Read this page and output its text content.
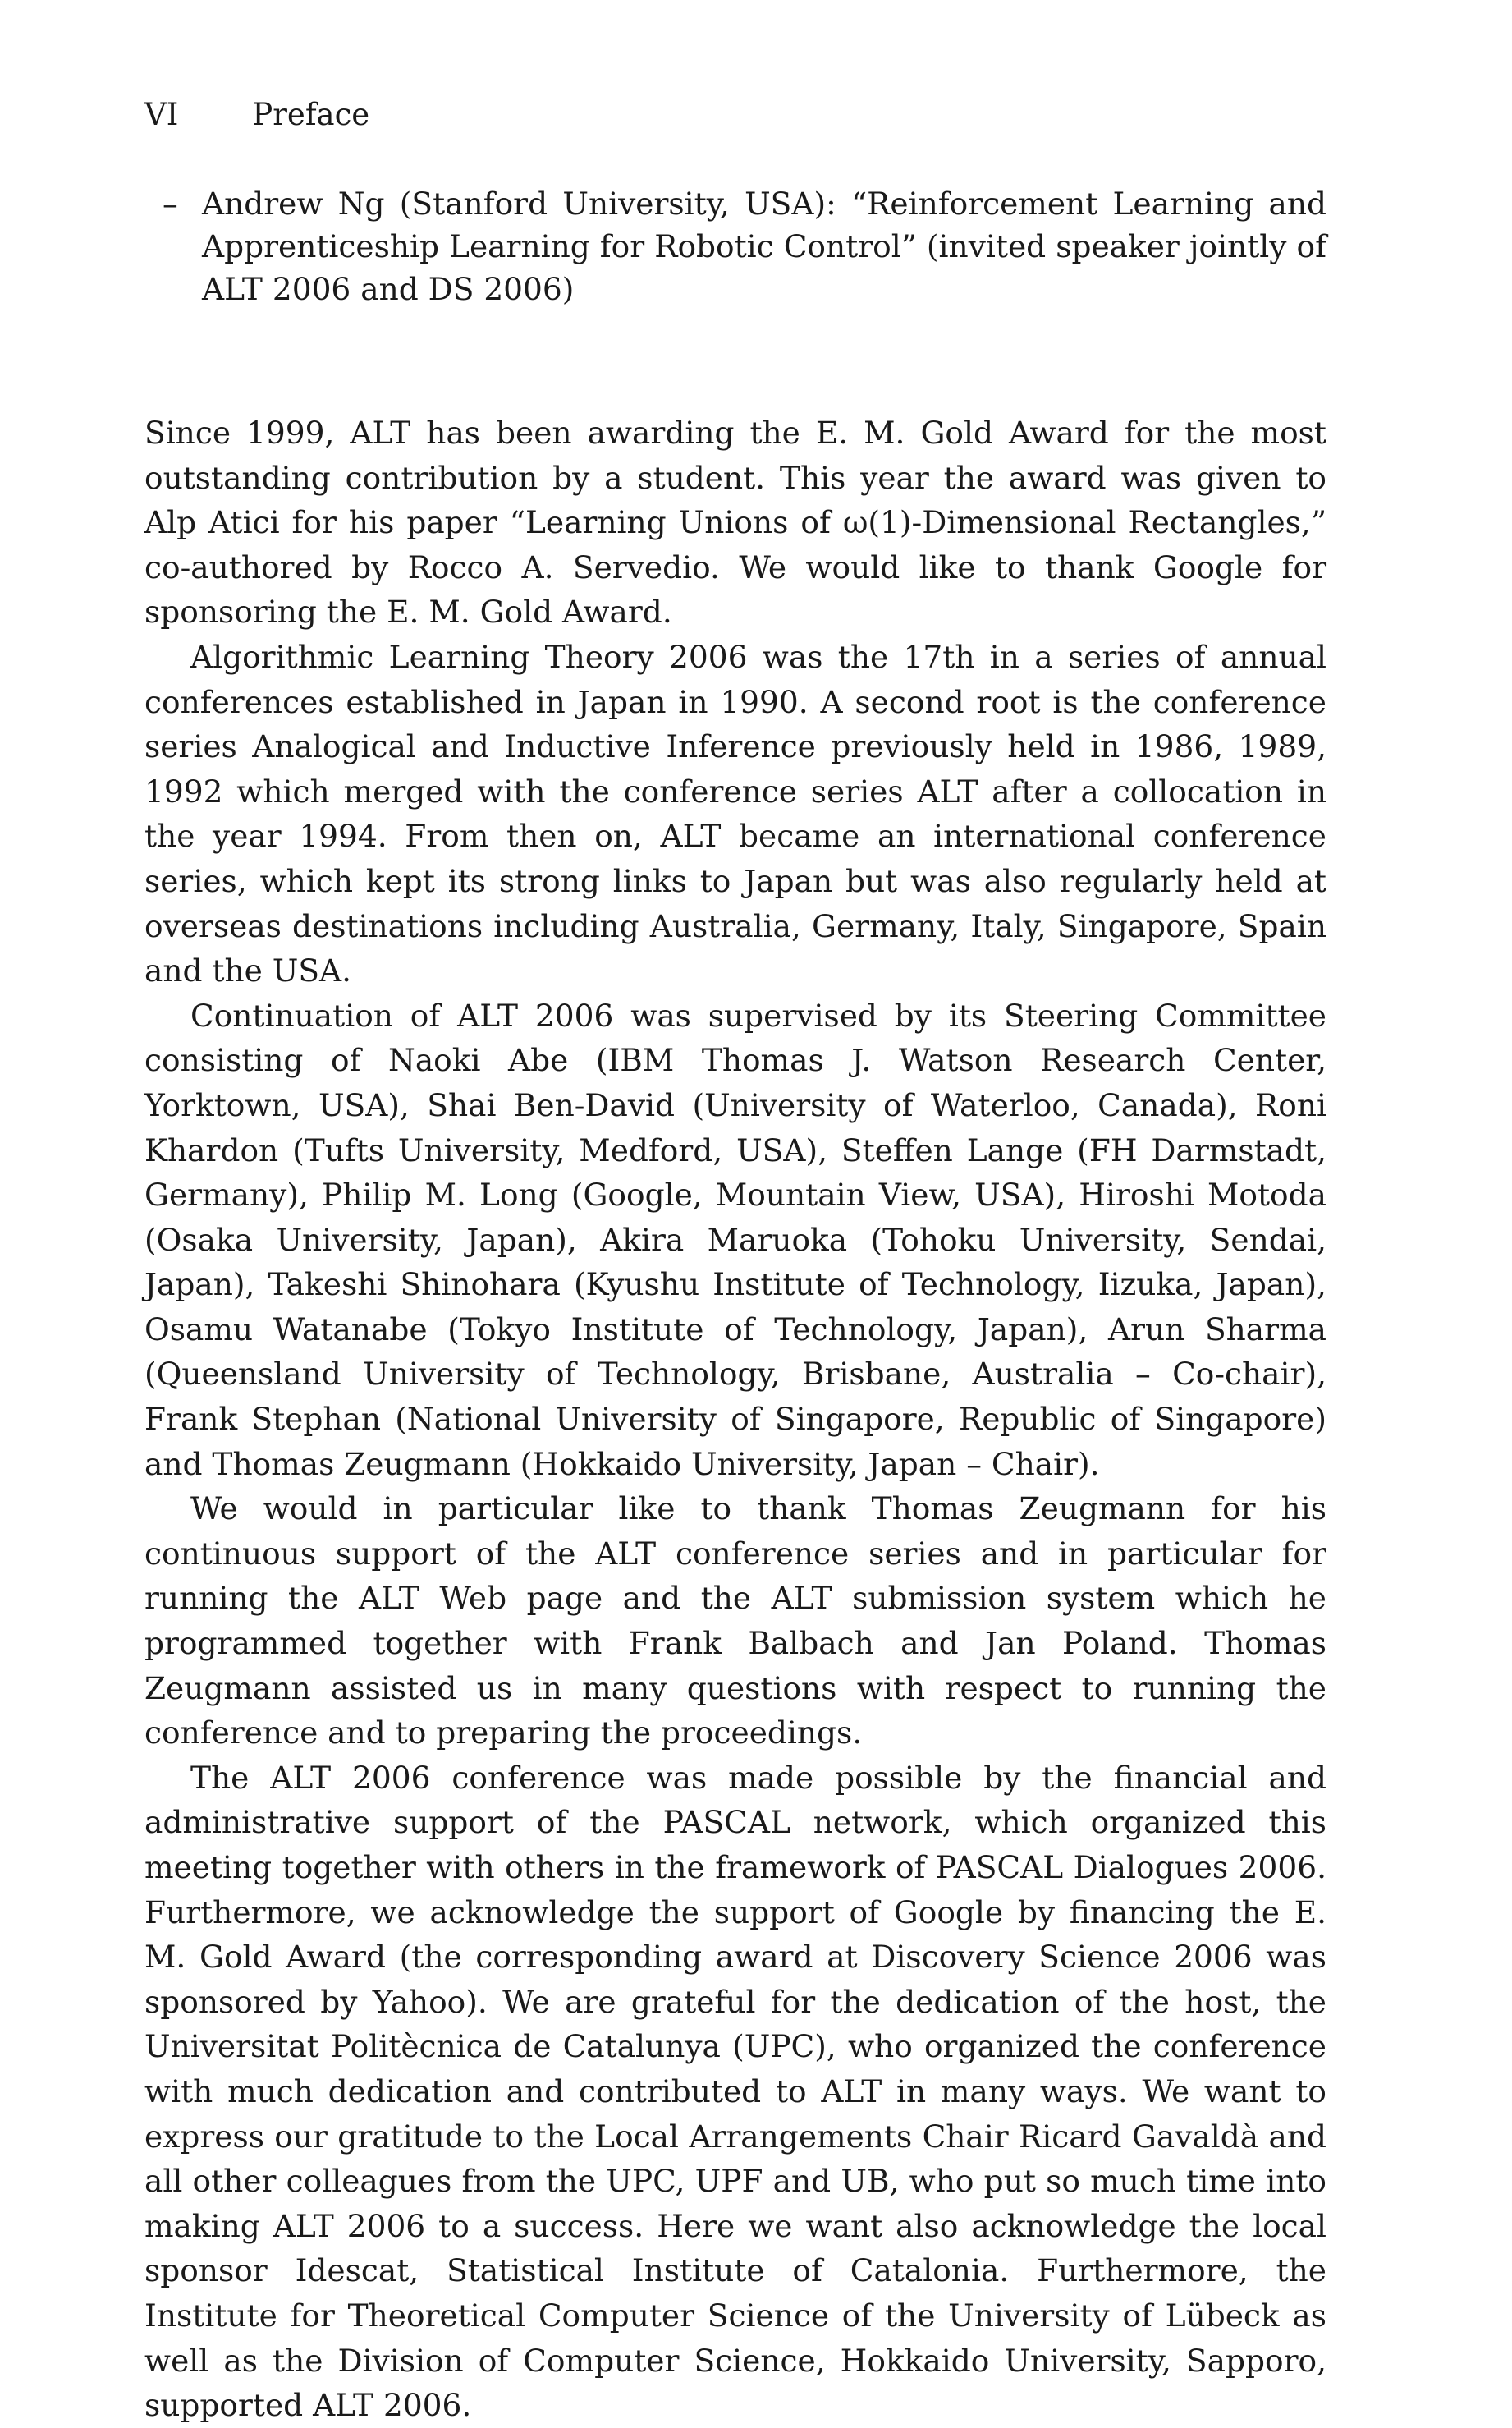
VI Preface
– Andrew Ng (Stanford University, USA): “Reinforcement Learning and Apprenticeship Learning for Robotic Control” (invited speaker jointly of ALT 2006 and DS 2006)

Since 1999, ALT has been awarding the E. M. Gold Award for the most outstanding contribution by a student. This year the award was given to Alp Atici for his paper “Learning Unions of ω(1)-Dimensional Rectangles,” co-authored by Rocco A. Servedio. We would like to thank Google for sponsoring the E. M. Gold Award.

Algorithmic Learning Theory 2006 was the 17th in a series of annual conferences established in Japan in 1990. A second root is the conference series Analogical and Inductive Inference previously held in 1986, 1989, 1992 which merged with the conference series ALT after a collocation in the year 1994. From then on, ALT became an international conference series, which kept its strong links to Japan but was also regularly held at overseas destinations including Australia, Germany, Italy, Singapore, Spain and the USA.

Continuation of ALT 2006 was supervised by its Steering Committee consisting of Naoki Abe (IBM Thomas J. Watson Research Center, Yorktown, USA), Shai Ben-David (University of Waterloo, Canada), Roni Khardon (Tufts University, Medford, USA), Steffen Lange (FH Darmstadt, Germany), Philip M. Long (Google, Mountain View, USA), Hiroshi Motoda (Osaka University, Japan), Akira Maruoka (Tohoku University, Sendai, Japan), Takeshi Shinohara (Kyushu Institute of Technology, Iizuka, Japan), Osamu Watanabe (Tokyo Institute of Technology, Japan), Arun Sharma (Queensland University of Technology, Brisbane, Australia – Co-chair), Frank Stephan (National University of Singapore, Republic of Singapore) and Thomas Zeugmann (Hokkaido University, Japan – Chair).

We would in particular like to thank Thomas Zeugmann for his continuous support of the ALT conference series and in particular for running the ALT Web page and the ALT submission system which he programmed together with Frank Balbach and Jan Poland. Thomas Zeugmann assisted us in many questions with respect to running the conference and to preparing the proceedings.

The ALT 2006 conference was made possible by the financial and administrative support of the PASCAL network, which organized this meeting together with others in the framework of PASCAL Dialogues 2006. Furthermore, we acknowledge the support of Google by financing the E. M. Gold Award (the corresponding award at Discovery Science 2006 was sponsored by Yahoo). We are grateful for the dedication of the host, the Universitat Politècnica de Catalunya (UPC), who organized the conference with much dedication and contributed to ALT in many ways. We want to express our gratitude to the Local Arrangements Chair Ricard Gavaldà and all other colleagues from the UPC, UPF and UB, who put so much time into making ALT 2006 to a success. Here we want also acknowledge the local sponsor Idescat, Statistical Institute of Catalonia. Furthermore, the Institute for Theoretical Computer Science of the University of Lübeck as well as the Division of Computer Science, Hokkaido University, Sapporo, supported ALT 2006.
